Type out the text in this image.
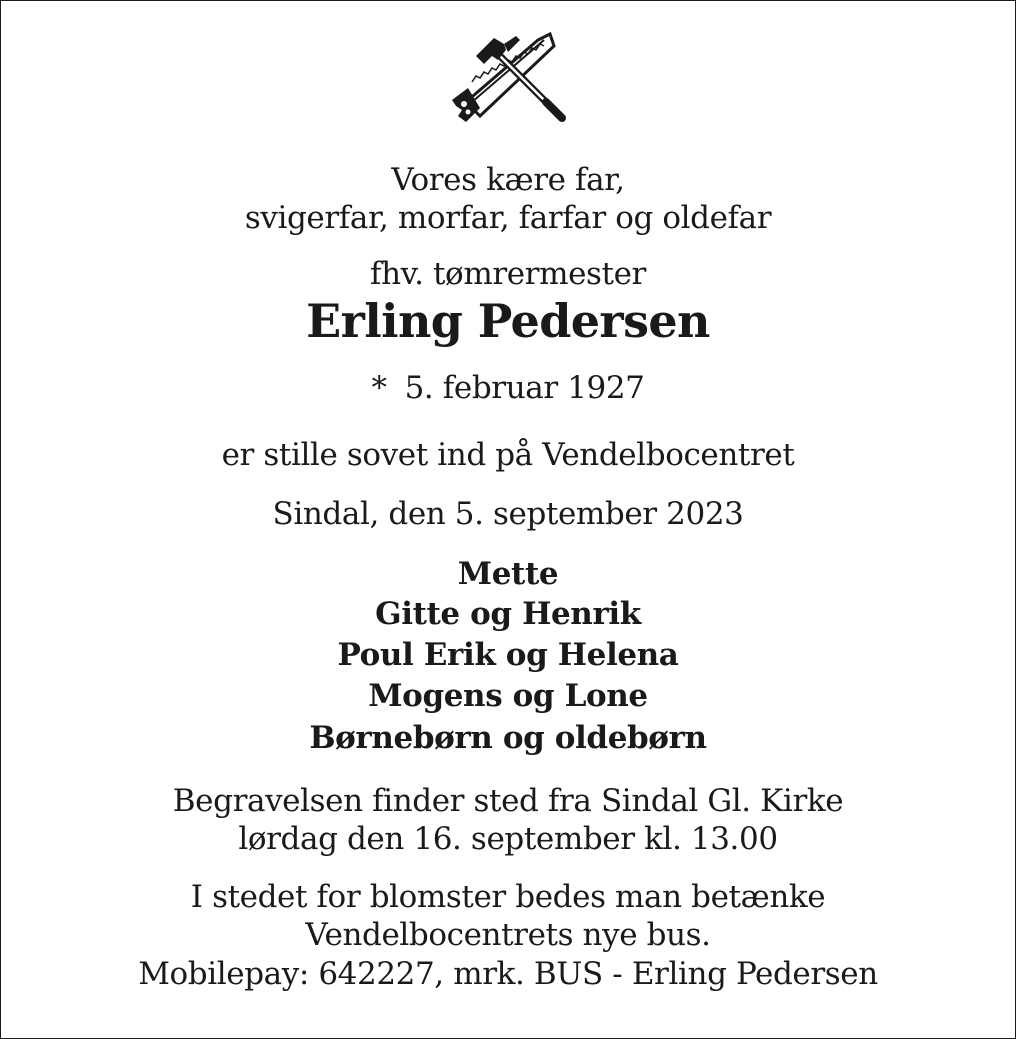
Vores kære far,
svigerfar, morfar, farfar og oldefar
fhv. tømrermester
Erling Pedersen
* 5. februar 1927
er stille sovet ind på Vendelbocentret
Sindal, den 5. september 2023
Mette
Gitte og Henrik
Poul Erik og Helena
Mogens og Lone
Børnebørn og oldebørn
Begravelsen finder sted fra Sindal Gl. Kirke
lørdag den 16. september kl. 13.00
I stedet for blomster bedes man betænke
Vendelbocentrets nye bus.
Mobilepay: 642227, mrk. BUS - Erling Pedersen
